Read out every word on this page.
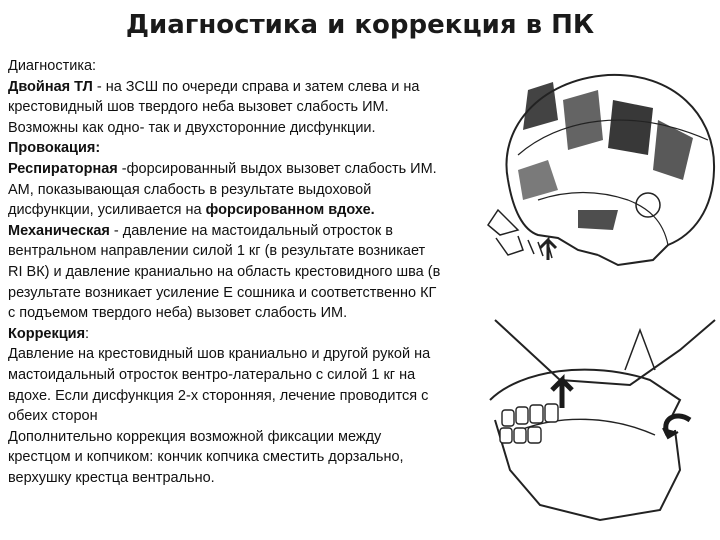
Диагностика и коррекция в ПК

Диагностика:

Двойная ТЛ - на ЗСШ по очереди справа и затем слева и на

крестовидный шов твердого неба вызовет слабость ИМ.

Возможны как одно- так и двухсторонние дисфункции.

Провокация:

Респираторная -форсированный выдох вызовет слабость ИМ.

АМ, показывающая слабость в результате выдоховой

дисфункции, усиливается на форсированном вдохе.

Механическая - давление на мастоидальный отросток в

вентральном направлении силой 1 кг (в результате возникает

RI ВК) и давление краниально на область крестовидного шва (в

результате возникает усиление Е сошника и соответственно КГ

с подъемом твердого неба) вызовет слабость ИМ.

Коррекция:

Давление на крестовидный шов краниально и другой рукой на

мастоидальный отросток вентро-латерально с силой 1 кг на

вдохе. Если дисфункция 2-х сторонняя, лечение проводится с

обеих сторон

Дополнительно коррекция возможной фиксации между

крестцом и копчиком: кончик копчика сместить дорзально,

верхушку крестца вентрально.
